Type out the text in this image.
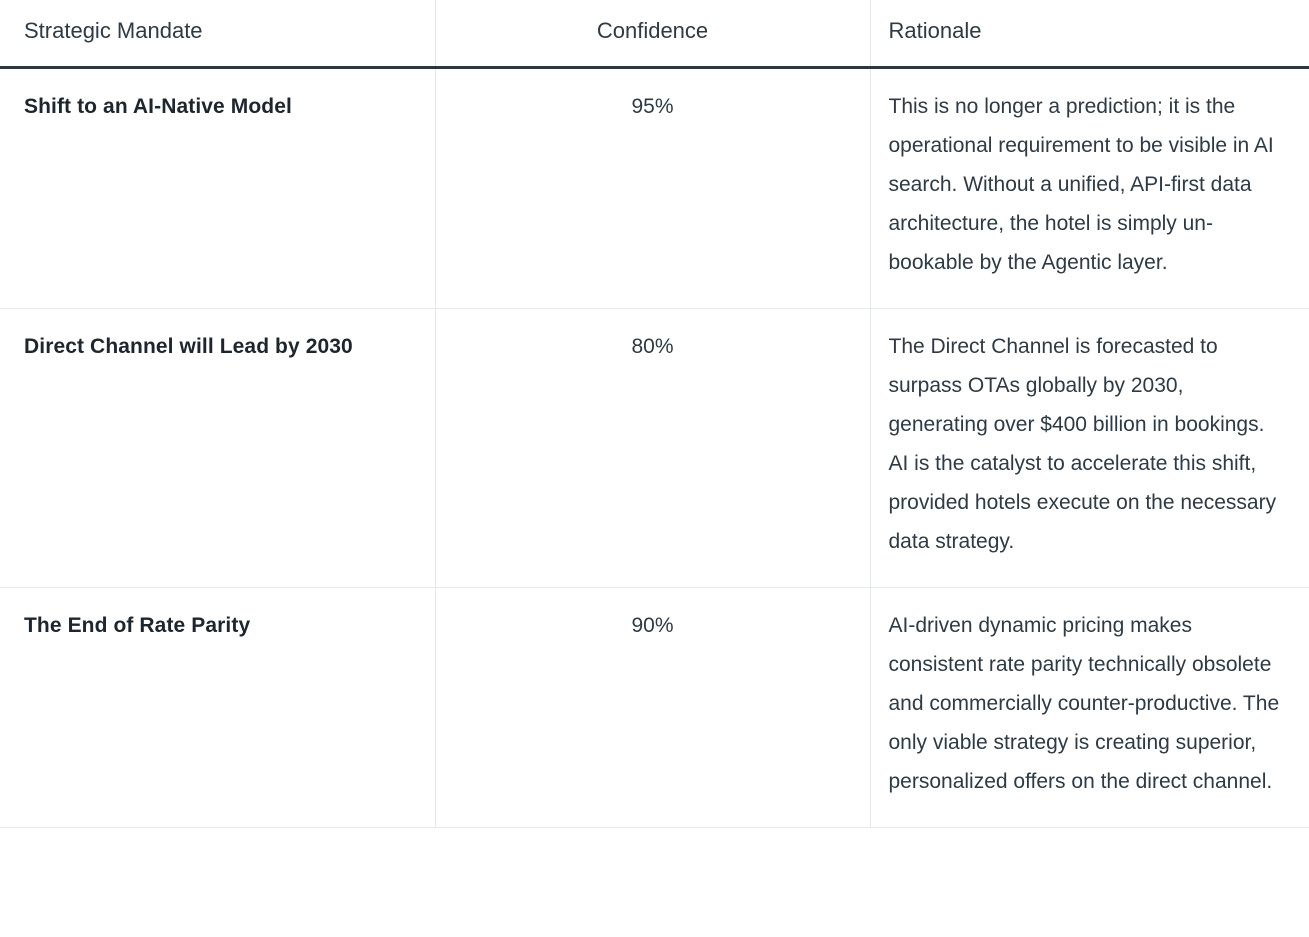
Strategic Mandate	Confidence	Rationale
Shift to an AI-Native Model	95%	This is no longer a prediction; it is the operational requirement to be visible in AI search. Without a unified, API-first data architecture, the hotel is simply un-bookable by the Agentic layer.
Direct Channel will Lead by 2030	80%	The Direct Channel is forecasted to surpass OTAs globally by 2030, generating over $400 billion in bookings. AI is the catalyst to accelerate this shift, provided hotels execute on the necessary data strategy.
The End of Rate Parity	90%	AI-driven dynamic pricing makes consistent rate parity technically obsolete and commercially counter-productive. The only viable strategy is creating superior, personalized offers on the direct channel.
